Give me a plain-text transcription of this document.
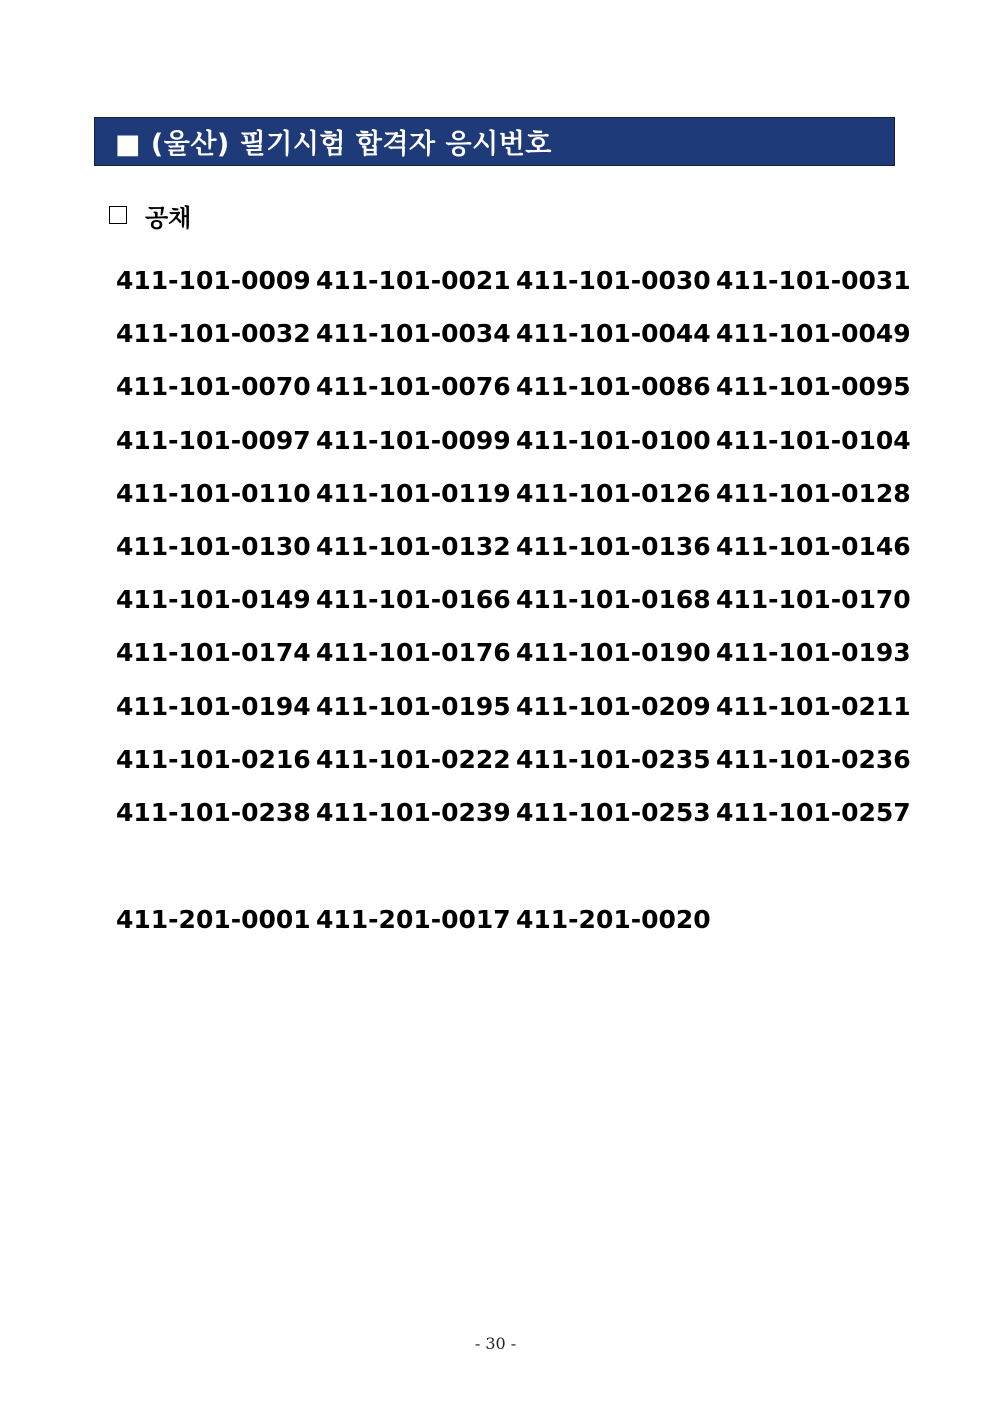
■ (울산) 필기시험 합격자 응시번호
공채
411-101-0009 411-101-0021 411-101-0030 411-101-0031
411-101-0032 411-101-0034 411-101-0044 411-101-0049
411-101-0070 411-101-0076 411-101-0086 411-101-0095
411-101-0097 411-101-0099 411-101-0100 411-101-0104
411-101-0110 411-101-0119 411-101-0126 411-101-0128
411-101-0130 411-101-0132 411-101-0136 411-101-0146
411-101-0149 411-101-0166 411-101-0168 411-101-0170
411-101-0174 411-101-0176 411-101-0190 411-101-0193
411-101-0194 411-101-0195 411-101-0209 411-101-0211
411-101-0216 411-101-0222 411-101-0235 411-101-0236
411-101-0238 411-101-0239 411-101-0253 411-101-0257
411-201-0001 411-201-0017 411-201-0020
- 30 -
